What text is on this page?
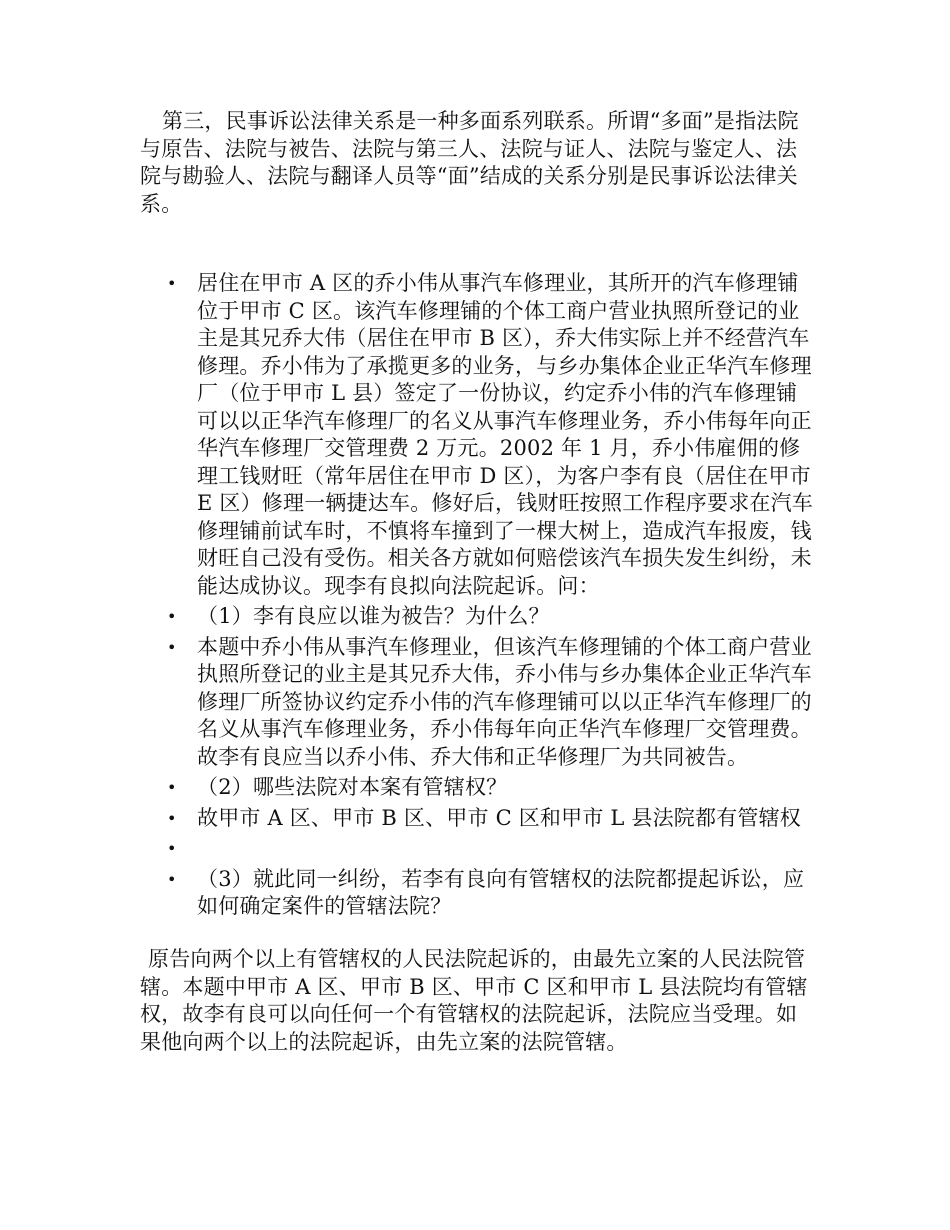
第三，民事诉讼法律关系是一种多面系列联系。所谓“多面”是指法院与原告、法院与被告、法院与第三人、法院与证人、法院与鉴定人、法院与勘验人、法院与翻译人员等“面”结成的关系分别是民事诉讼法律关系。

• 居住在甲市 A 区的乔小伟从事汽车修理业，其所开的汽车修理铺位于甲市 C 区。该汽车修理铺的个体工商户营业执照所登记的业主是其兄乔大伟（居住在甲市 B 区），乔大伟实际上并不经营汽车修理。乔小伟为了承揽更多的业务，与乡办集体企业正华汽车修理厂（位于甲市 L 县）签定了一份协议，约定乔小伟的汽车修理铺可以以正华汽车修理厂的名义从事汽车修理业务，乔小伟每年向正华汽车修理厂交管理费 2 万元。2002 年 1 月，乔小伟雇佣的修理工钱财旺（常年居住在甲市 D 区），为客户李有良（居住在甲市 E 区）修理一辆捷达车。修好后，钱财旺按照工作程序要求在汽车修理铺前试车时，不慎将车撞到了一棵大树上，造成汽车报废，钱财旺自己没有受伤。相关各方就如何赔偿该汽车损失发生纠纷，未能达成协议。现李有良拟向法院起诉。问：
• （1）李有良应以谁为被告？为什么？
• 本题中乔小伟从事汽车修理业，但该汽车修理铺的个体工商户营业执照所登记的业主是其兄乔大伟，乔小伟与乡办集体企业正华汽车修理厂所签协议约定乔小伟的汽车修理铺可以以正华汽车修理厂的名义从事汽车修理业务，乔小伟每年向正华汽车修理厂交管理费。故李有良应当以乔小伟、乔大伟和正华修理厂为共同被告。
• （2）哪些法院对本案有管辖权？
• 故甲市 A 区、甲市 B 区、甲市 C 区和甲市 L 县法院都有管辖权
•
• （3）就此同一纠纷，若李有良向有管辖权的法院都提起诉讼，应如何确定案件的管辖法院？

原告向两个以上有管辖权的人民法院起诉的，由最先立案的人民法院管辖。本题中甲市 A 区、甲市 B 区、甲市 C 区和甲市 L 县法院均有管辖权，故李有良可以向任何一个有管辖权的法院起诉，法院应当受理。如果他向两个以上的法院起诉，由先立案的法院管辖。
